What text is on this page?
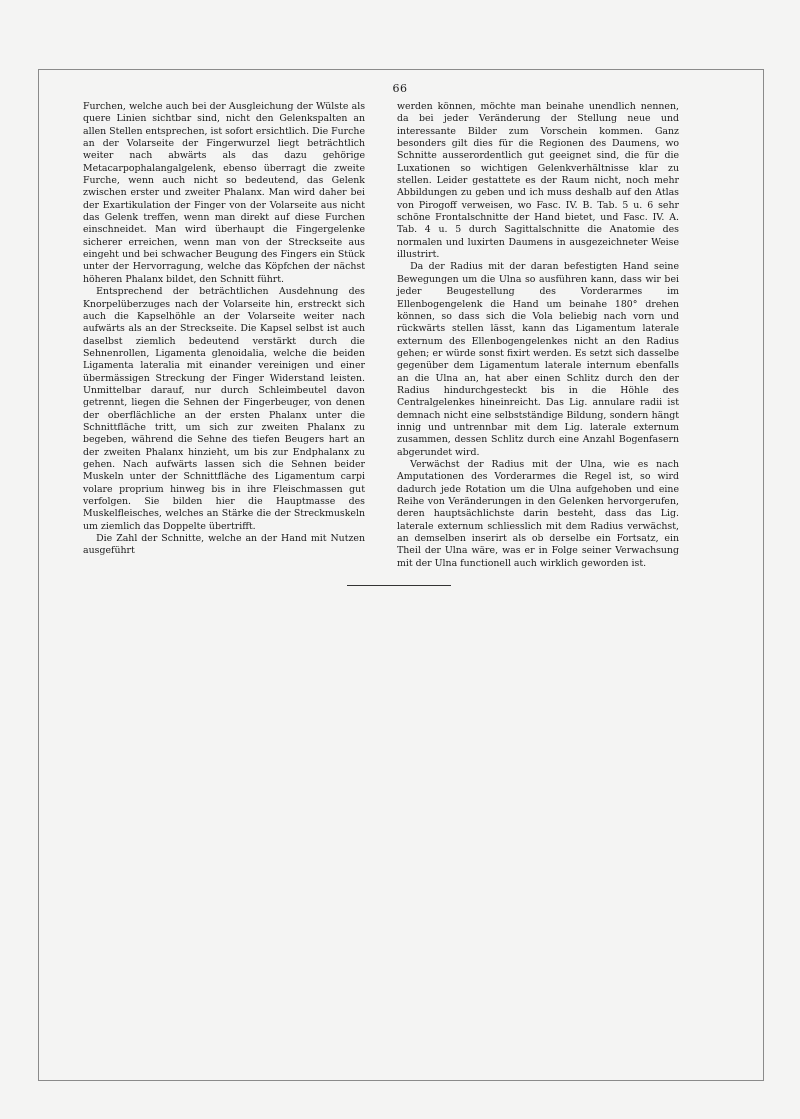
66

Furchen, welche auch bei der Ausgleichung der Wülste als quere Linien sichtbar sind, nicht den Gelenkspalten an allen Stellen entsprechen, ist sofort ersichtlich. Die Furche an der Volarseite der Fingerwurzel liegt beträchtlich weiter nach abwärts als das dazu gehörige Metacarpophalangalgelenk, ebenso überragt die zweite Furche, wenn auch nicht so bedeutend, das Gelenk zwischen erster und zweiter Phalanx. Man wird daher bei der Exartikulation der Finger von der Volarseite aus nicht das Gelenk treffen, wenn man direkt auf diese Furchen einschneidet. Man wird überhaupt die Fingergelenke sicherer erreichen, wenn man von der Streckseite aus eingeht und bei schwacher Beugung des Fingers ein Stück unter der Hervorragung, welche das Köpfchen der nächst höheren Phalanx bildet, den Schnitt führt.

Entsprechend der beträchtlichen Ausdehnung des Knorpelüberzuges nach der Volarseite hin, erstreckt sich auch die Kapselhöhle an der Volarseite weiter nach aufwärts als an der Streckseite. Die Kapsel selbst ist auch daselbst ziemlich bedeutend verstärkt durch die Sehnenrollen, Ligamenta glenoidalia, welche die beiden Ligamenta lateralia mit einander vereinigen und einer übermässigen Streckung der Finger Widerstand leisten. Unmittelbar darauf, nur durch Schleimbeutel davon getrennt, liegen die Sehnen der Fingerbeuger, von denen der oberflächliche an der ersten Phalanx unter die Schnittfläche tritt, um sich zur zweiten Phalanx zu begeben, während die Sehne des tiefen Beugers hart an der zweiten Phalanx hinzieht, um bis zur Endphalanx zu gehen. Nach aufwärts lassen sich die Sehnen beider Muskeln unter der Schnittfläche des Ligamentum carpi volare proprium hinweg bis in ihre Fleischmassen gut verfolgen. Sie bilden hier die Hauptmasse des Muskelfleisches, welches an Stärke die der Streckmuskeln um ziemlich das Doppelte übertrifft.

Die Zahl der Schnitte, welche an der Hand mit Nutzen ausgeführt

werden können, möchte man beinahe unendlich nennen, da bei jeder Veränderung der Stellung neue und interessante Bilder zum Vorschein kommen. Ganz besonders gilt dies für die Regionen des Daumens, wo Schnitte ausserordentlich gut geeignet sind, die für die Luxationen so wichtigen Gelenkverhältnisse klar zu stellen. Leider gestattete es der Raum nicht, noch mehr Abbildungen zu geben und ich muss deshalb auf den Atlas von Pirogoff verweisen, wo Fasc. IV. B. Tab. 5 u. 6 sehr schöne Frontalschnitte der Hand bietet, und Fasc. IV. A. Tab. 4 u. 5 durch Sagittalschnitte die Anatomie des normalen und luxirten Daumens in ausgezeichneter Weise illustrirt.

Da der Radius mit der daran befestigten Hand seine Bewegungen um die Ulna so ausführen kann, dass wir bei jeder Beugestellung des Vorderarmes im Ellenbogengelenk die Hand um beinahe 180° drehen können, so dass sich die Vola beliebig nach vorn und rückwärts stellen lässt, kann das Ligamentum laterale externum des Ellenbogengelenkes nicht an den Radius gehen; er würde sonst fixirt werden. Es setzt sich dasselbe gegenüber dem Ligamentum laterale internum ebenfalls an die Ulna an, hat aber einen Schlitz durch den der Radius hindurchgesteckt bis in die Höhle des Centralgelenkes hineinreicht. Das Lig. annulare radii ist demnach nicht eine selbstständige Bildung, sondern hängt innig und untrennbar mit dem Lig. laterale externum zusammen, dessen Schlitz durch eine Anzahl Bogenfasern abgerundet wird.

Verwächst der Radius mit der Ulna, wie es nach Amputationen des Vorderarmes die Regel ist, so wird dadurch jede Rotation um die Ulna aufgehoben und eine Reihe von Veränderungen in den Gelenken hervorgerufen, deren hauptsächlichste darin besteht, dass das Lig. laterale externum schliesslich mit dem Radius verwächst, an demselben inserirt als ob derselbe ein Fortsatz, ein Theil der Ulna wäre, was er in Folge seiner Verwachsung mit der Ulna functionell auch wirklich geworden ist.
